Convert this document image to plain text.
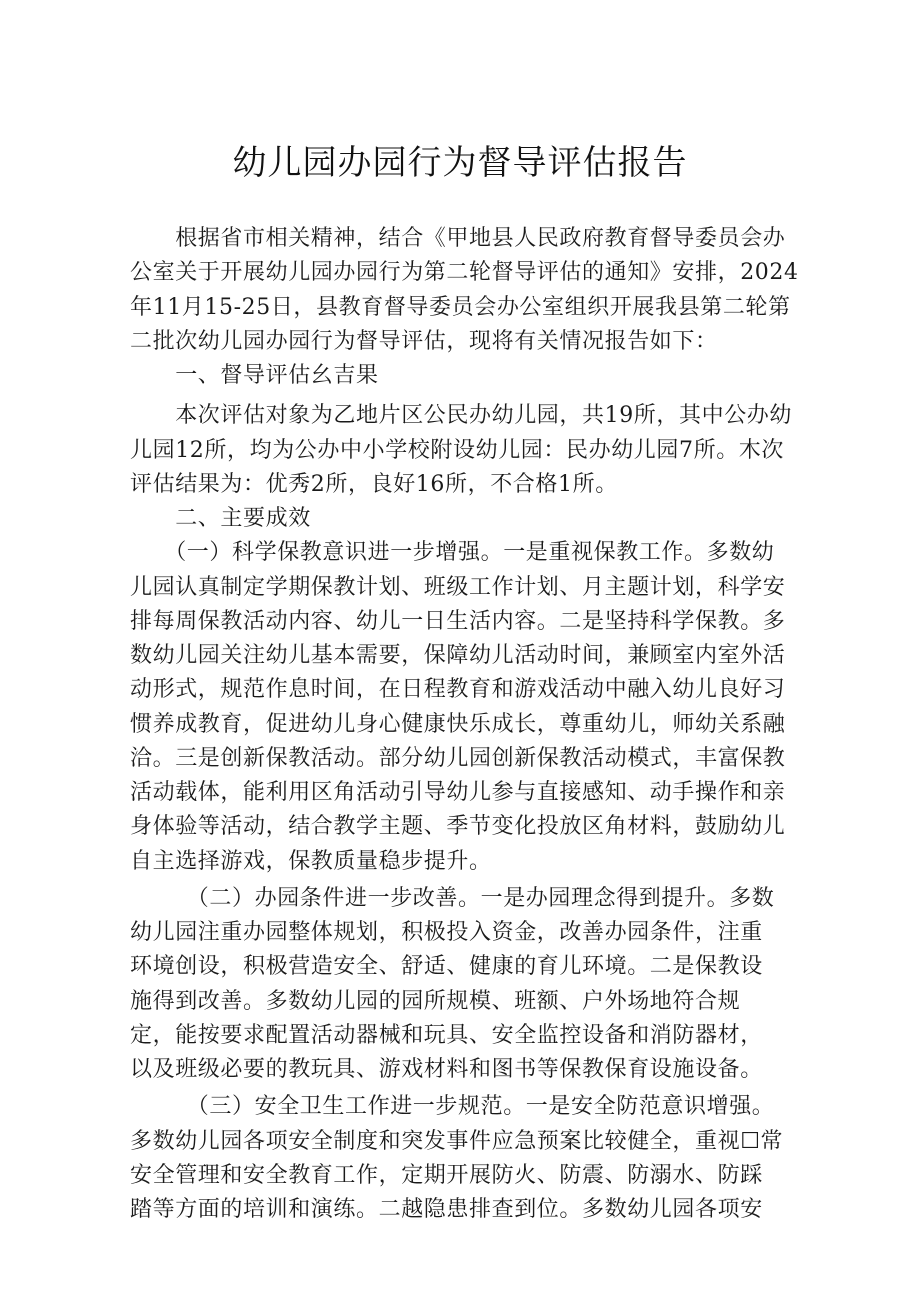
幼儿园办园行为督导评估报告
　　根据省市相关精神，结合《甲地县人民政府教育督导委员会办
公室关于开展幼儿园办园行为第二轮督导评估的通知》安排，2024
年11月15-25日，县教育督导委员会办公室组织开展我县第二轮第
二批次幼儿园办园行为督导评估，现将有关情况报告如下：
　　一、督导评估幺吉果
　　本次评估对象为乙地片区公民办幼儿园，共19所，其中公办幼
儿园12所，均为公办中小学校附设幼儿园：民办幼儿园7所。木次
评估结果为：优秀2所，良好16所，不合格1所。
　　二、主要成效
　　（一）科学保教意识进一步增强。一是重视保教工作。多数幼
儿园认真制定学期保教计划、班级工作计划、月主题计划，科学安
排每周保教活动内容、幼儿一日生活内容。二是坚持科学保教。多
数幼儿园关注幼儿基本需要，保障幼儿活动时间，兼顾室内室外活
动形式，规范作息时间，在日程教育和游戏活动中融入幼儿良好习
惯养成教育，促进幼儿身心健康快乐成长，尊重幼儿，师幼关系融
洽。三是创新保教活动。部分幼儿园创新保教活动模式，丰富保教
活动载体，能利用区角活动引导幼儿参与直接感知、动手操作和亲
身体验等活动，结合教学主题、季节变化投放区角材料，鼓励幼儿
自主选择游戏，保教质量稳步提升。
　　　（二）办园条件进一步改善。一是办园理念得到提升。多数
幼儿园注重办园整体规划，积极投入资金，改善办园条件，注重
环境创设，积极营造安全、舒适、健康的育儿环境。二是保教设
施得到改善。多数幼儿园的园所规模、班额、户外场地符合规
定，能按要求配置活动器械和玩具、安全监控设备和消防器材，
以及班级必要的教玩具、游戏材料和图书等保教保育设施设备。
　　　（三）安全卫生工作进一步规范。一是安全防范意识增强。
多数幼儿园各项安全制度和突发事件应急预案比较健全，重视☐常
安全管理和安全教育工作，定期开展防火、防震、防溺水、防踩
踏等方面的培训和演练。二越隐患排查到位。多数幼儿园各项安
